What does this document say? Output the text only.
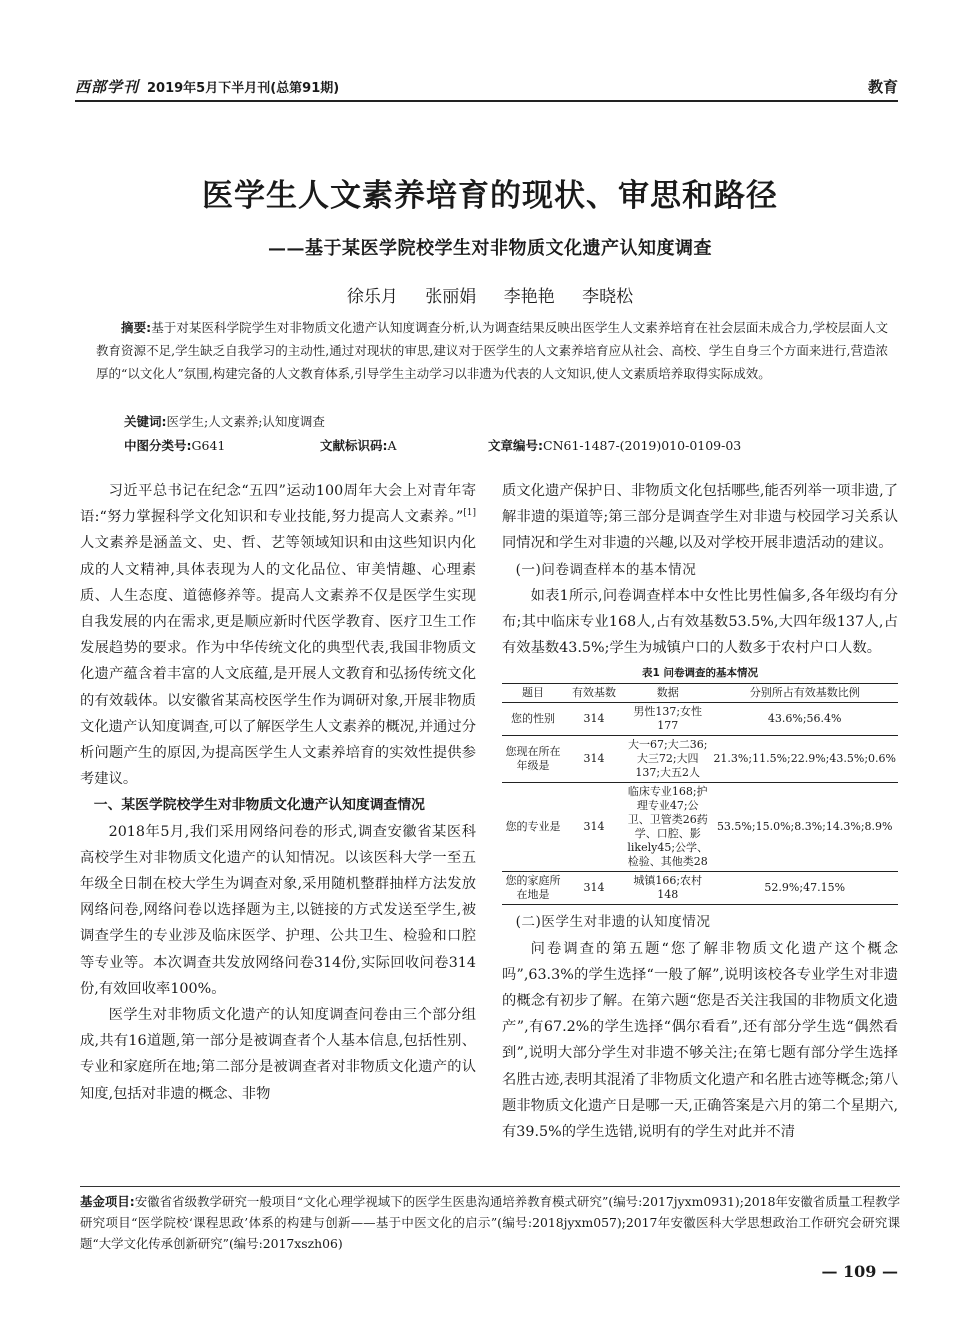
西部学刊 2019年5月下半月刊(总第91期)	教育
医学生人文素养培育的现状、审思和路径
——基于某医学院校学生对非物质文化遗产认知度调查
徐乐月 张丽娟 李艳艳 李晓松
摘要:基于对某医科学院学生对非物质文化遗产认知度调查分析,认为调查结果反映出医学生人文素养培育在社会层面未成合力,学校层面人文教育资源不足,学生缺乏自我学习的主动性,通过对现状的审思,建议对于医学生的人文素养培育应从社会、高校、学生自身三个方面来进行,营造浓厚的“以文化人”氛围,构建完备的人文教育体系,引导学生主动学习以非遗为代表的人文知识,使人文素质培养取得实际成效。
关键词:医学生;人文素养;认知度调查
中图分类号:G641	文献标识码:A	文章编号:CN61-1487-(2019)010-0109-03

习近平总书记在纪念“五四”运动100周年大会上对青年寄语:“努力掌握科学文化知识和专业技能,努力提高人文素养。”[1]人文素养是涵盖文、史、哲、艺等领域知识和由这些知识内化成的人文精神,具体表现为人的文化品位、审美情趣、心理素质、人生态度、道德修养等。提高人文素养不仅是医学生实现自我发展的内在需求,更是顺应新时代医学教育、医疗卫生工作发展趋势的要求。作为中华传统文化的典型代表,我国非物质文化遗产蕴含着丰富的人文底蕴,是开展人文教育和弘扬传统文化的有效载体。以安徽省某高校医学生作为调研对象,开展非物质文化遗产认知度调查,可以了解医学生人文素养的概况,并通过分析问题产生的原因,为提高医学生人文素养培育的实效性提供参考建议。

一、某医学院校学生对非物质文化遗产认知度调查情况

2018年5月,我们采用网络问卷的形式,调查安徽省某医科高校学生对非物质文化遗产的认知情况。以该医科大学一至五年级全日制在校大学生为调查对象,采用随机整群抽样方法发放网络问卷,网络问卷以选择题为主,以链接的方式发送至学生,被调查学生的专业涉及临床医学、护理、公共卫生、检验和口腔等专业等。本次调查共发放网络问卷314份,实际回收问卷314份,有效回收率100%。

医学生对非物质文化遗产的认知度调查问卷由三个部分组成,共有16道题,第一部分是被调查者个人基本信息,包括性别、专业和家庭所在地;第二部分是被调查者对非物质文化遗产的认知度,包括对非遗的概念、非物

质文化遗产保护日、非物质文化包括哪些,能否列举一项非遗,了解非遗的渠道等;第三部分是调查学生对非遗与校园学习关系认同情况和学生对非遗的兴趣,以及对学校开展非遗活动的建议。

(一)问卷调查样本的基本情况

如表1所示,问卷调查样本中女性比男性偏多,各年级均有分布;其中临床专业168人,占有效基数53.5%,大四年级137人,占有效基数43.5%;学生为城镇户口的人数多于农村户口人数。

表1 问卷调查的基本情况
题目	有效基数	数据	分别所占有效基数比例
您的性别	314	男性137;女性177	43.6%;56.4%
您现在所在年级是	314	大一67;大二36;大三72;大四137;大五2人	21.3%;11.5%;22.9%;43.5%;0.6%
您的专业是	314	临床专业168;护理专业47;公卫、卫管类26药学、口腔、影likely45;公学、检验、其他类28	53.5%;15.0%;8.3%;14.3%;8.9%
您的家庭所在地是	314	城镇166;农村148	52.9%;47.15%
(二)医学生对非遗的认知度情况

问卷调查的第五题“您了解非物质文化遗产这个概念吗”,63.3%的学生选择“一般了解”,说明该校各专业学生对非遗的概念有初步了解。在第六题“您是否关注我国的非物质文化遗产”,有67.2%的学生选择“偶尔看看”,还有部分学生选“偶然看到”,说明大部分学生对非遗不够关注;在第七题有部分学生选择名胜古迹,表明其混淆了非物质文化遗产和名胜古迹等概念;第八题非物质文化遗产日是哪一天,正确答案是六月的第二个星期六,有39.5%的学生选错,说明有的学生对此并不清

基金项目:安徽省省级教学研究一般项目“文化心理学视域下的医学生医患沟通培养教育模式研究”(编号:2017jyxm0931);2018年安徽省质量工程教学研究项目“医学院校‘课程思政’体系的构建与创新——基于中医文化的启示”(编号:2018jyxm057);2017年安徽医科大学思想政治工作研究会研究课题“大学文化传承创新研究”(编号:2017xszh06)
— 109 —
